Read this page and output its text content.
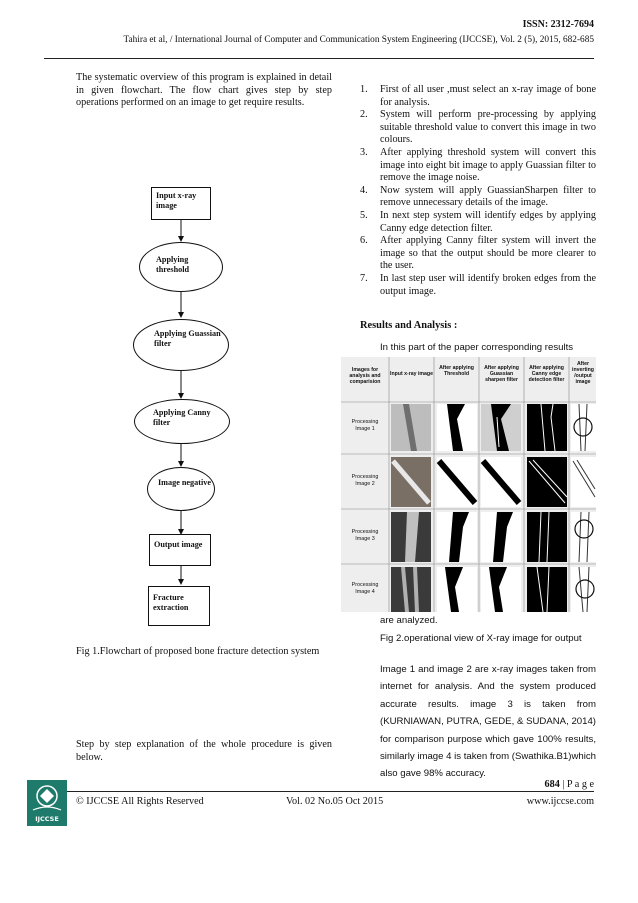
ISSN: 2312-7694
Tahira et al, / International Journal of Computer and Communication System Engineering (IJCCSE), Vol. 2 (5), 2015, 682-685
The systematic overview of this program is explained in detail in given flowchart. The flow chart gives step by step operations performed on an image to get require results.
Input x-ray image
Applying threshold
Applying Guassian filter
Applying Canny filter
Image negative
Output image
Fracture extraction
Fig 1.Flowchart of proposed bone fracture detection system
Step by step explanation of the whole procedure is given below.
1. First of all user ,must select an x-ray image of bone for analysis.
2. System will perform pre-processing by applying suitable threshold value to convert this image in two colours.
3. After applying threshold system will convert this image into eight bit image to apply Guassian filter to remove the image noise.
4. Now system will apply GuassianSharpen filter to remove unnecessary details of the image.
5. In next step system will identify edges by applying Canny edge detection filter.
6. After applying Canny filter system will invert the image so that the output should be more clearer to the user.
7. In last step user will identify broken edges from the output image.
Results and Analysis :
In this part of the paper corresponding results
Images for analysis and comparision
Input x-ray image
After applying Threshold
After applying Guassian sharpen filter
After applying Canny edge detection filter
After inverting /output image
Processing Image 1
Processing Image 2
Processing Image 3
Processing Image 4
are analyzed.
Fig 2.operational view of X-ray image for output
Image 1 and image 2 are x-ray images taken from internet for analysis. And the system produced accurate results. image 3 is taken from (KURNIAWAN, PUTRA, GEDE, & SUDANA, 2014) for comparison purpose which gave 100% results, similarly image 4 is taken from (Swathika.B1)which also gave 98% accuracy.
684 | P a g e
IJCCSE
© IJCCSE All Rights Reserved	Vol. 02 No.05 Oct 2015	www.ijccse.com
